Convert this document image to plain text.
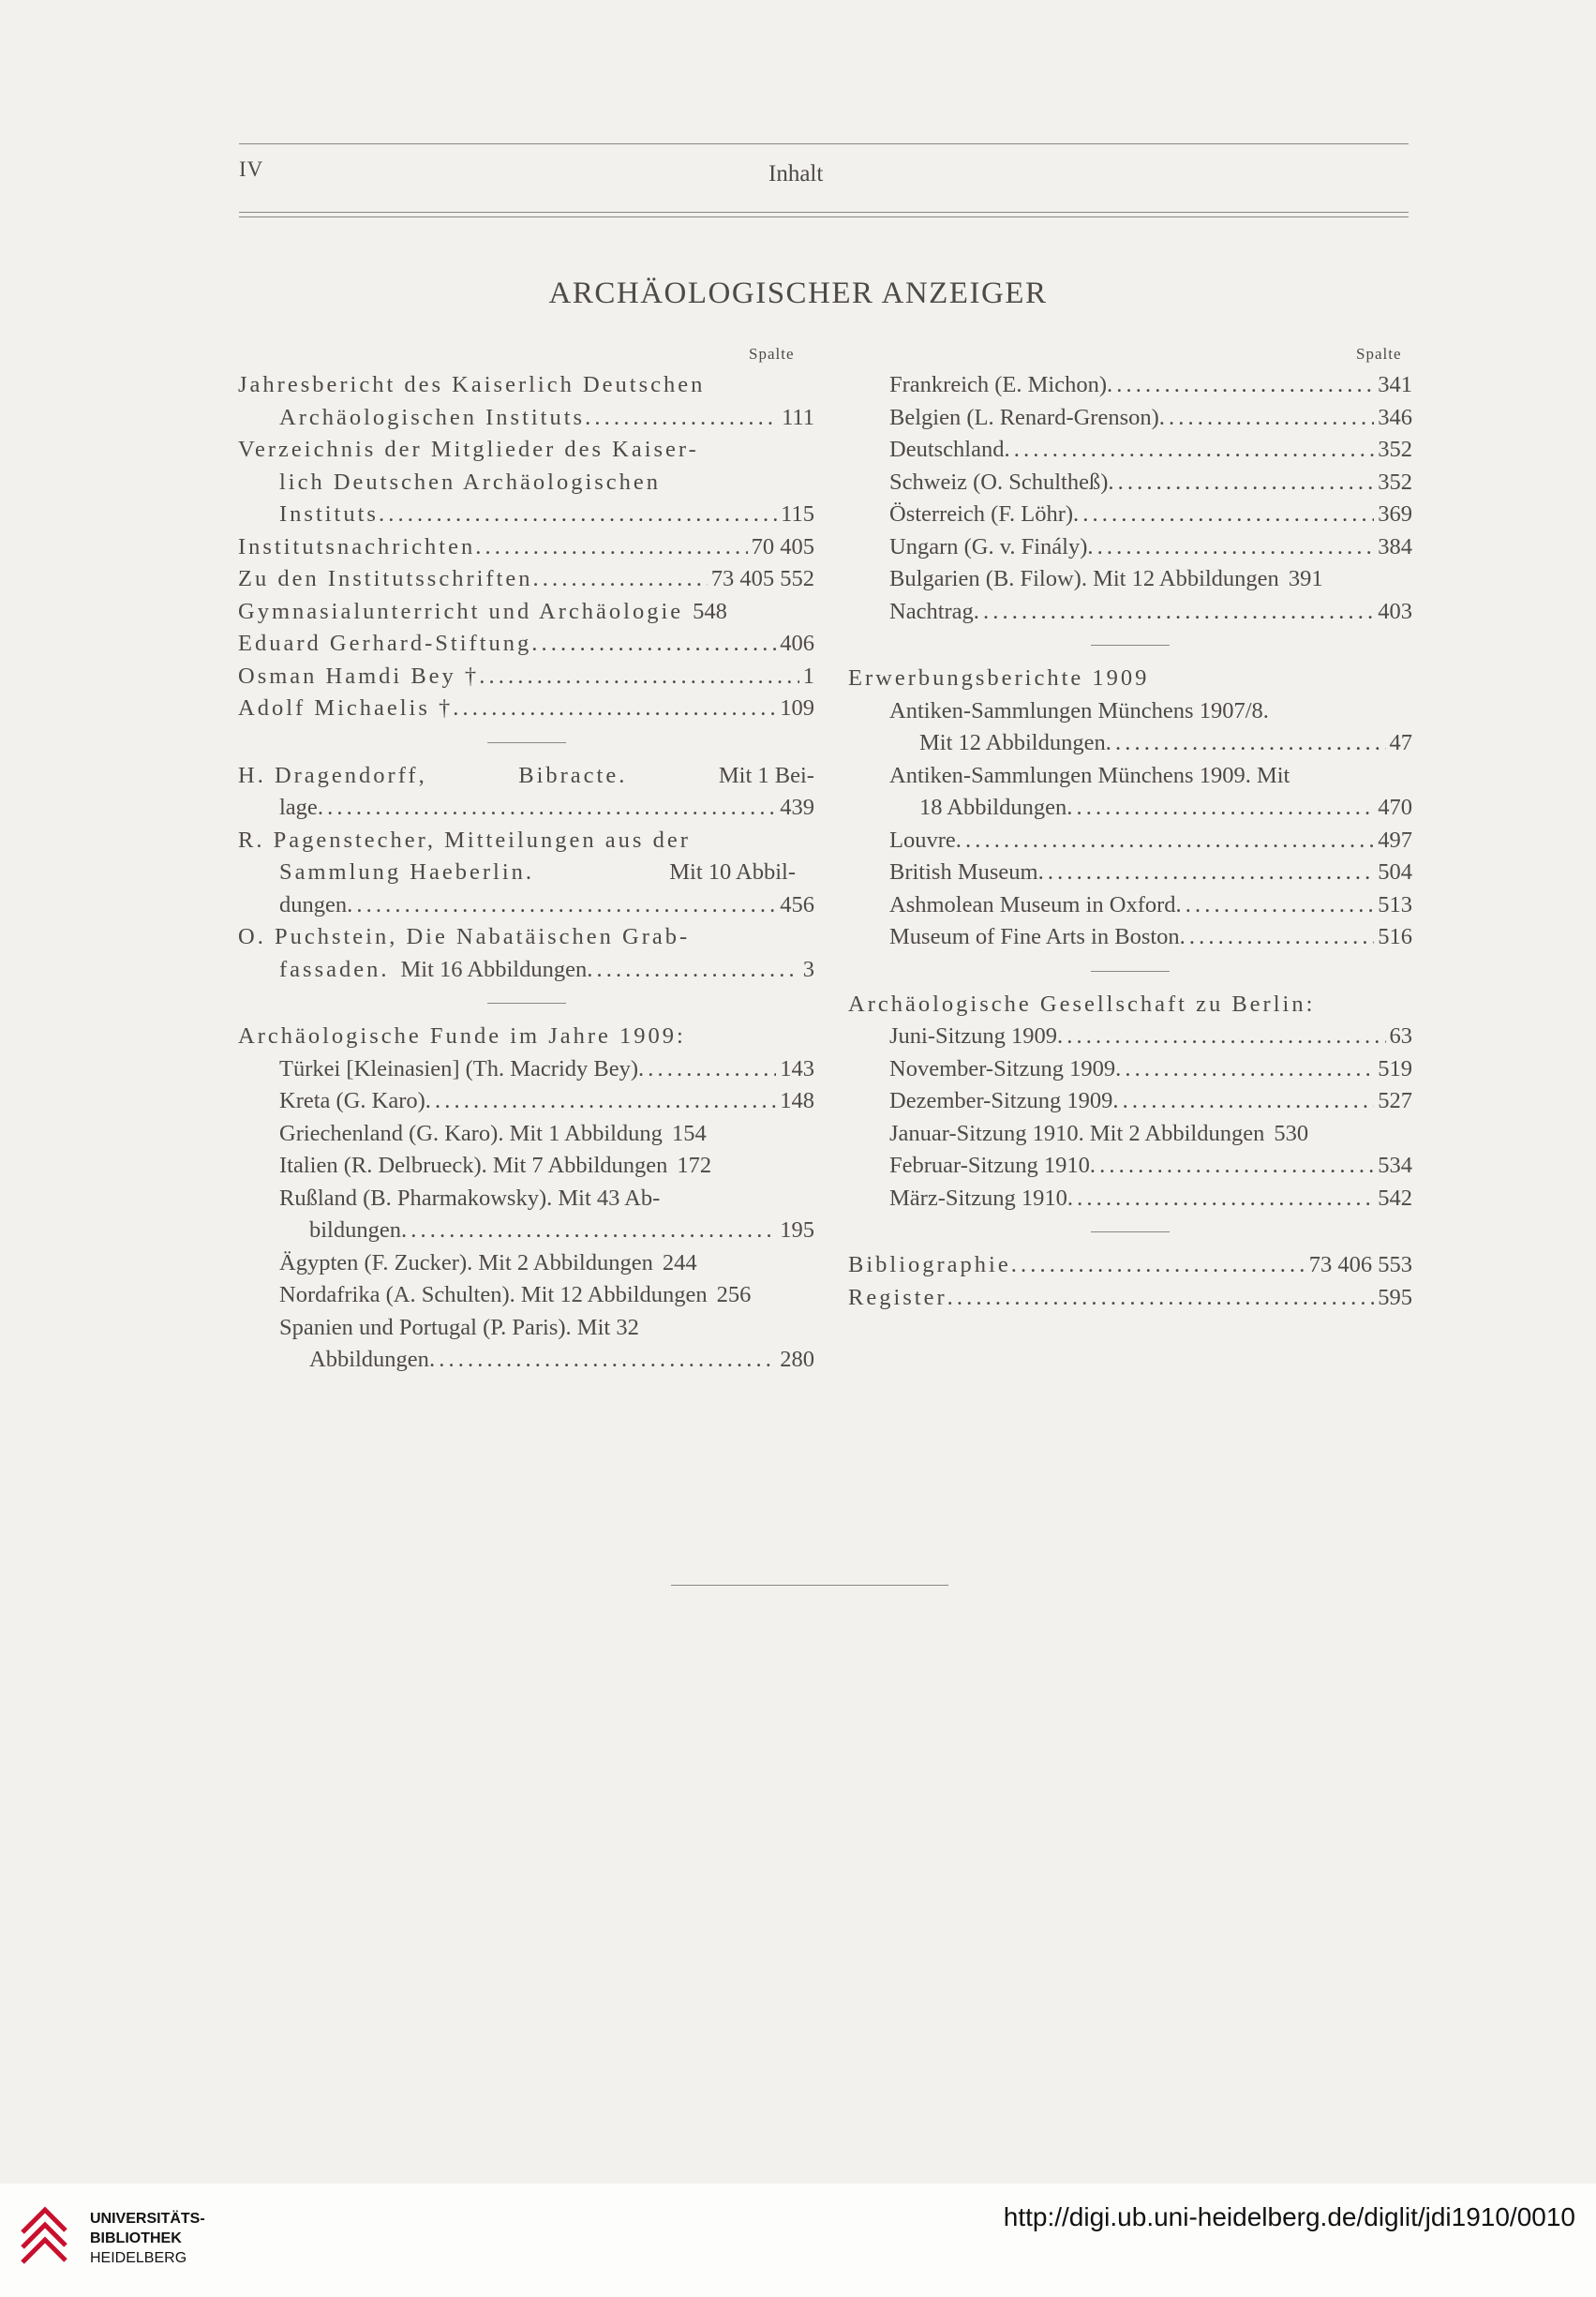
IV	Inhalt
ARCHÄOLOGISCHER ANZEIGER
Spalte	Spalte
Jahresbericht des Kaiserlich Deutschen
Archäologischen Instituts . . .	111
Verzeichnis der Mitglieder des Kaiser-
lich Deutschen Archäologischen
Instituts . . .	115
Institutsnachrichten . . .	70 405
Zu den Institutsschriften . . .	73 405 552
Gymnasialunterricht und Archäologie 548
Eduard Gerhard-Stiftung . . .	406
Osman Hamdi Bey † . . .	1
Adolf Michaelis † . . .	109
H. Dragendorff,	Bibracte.	Mit 1 Bei-
lage . . .	439
R. Pagenstecher, Mitteilungen aus der
Sammlung Haeberlin.	Mit 10 Abbil-
dungen . . .	456
O. Puchstein, Die Nabatäischen Grab-
fassaden. Mit 16 Abbildungen . . .	3
Archäologische Funde im Jahre 1909:
Türkei [Kleinasien] (Th. Macridy Bey) . . .	143
Kreta (G. Karo) . . .	148
Griechenland (G. Karo). Mit 1 Abbildung 154
Italien (R. Delbrueck). Mit 7 Abbildungen 172
Rußland (B. Pharmakowsky). Mit 43 Ab-
bildungen . . .	195
Ägypten (F. Zucker). Mit 2 Abbildungen 244
Nordafrika (A. Schulten). Mit 12 Abbildungen 256
Spanien und Portugal (P. Paris). Mit 32
Abbildungen . . .	280
Frankreich (E. Michon) . . .	341
Belgien (L. Renard-Grenson) . . .	346
Deutschland . . .	352
Schweiz (O. Schultheß) . . .	352
Österreich (F. Löhr) . . .	369
Ungarn (G. v. Finály) . . .	384
Bulgarien (B. Filow). Mit 12 Abbildungen 391
Nachtrag . . .	403
Erwerbungsberichte 1909
Antiken-Sammlungen Münchens 1907/8.
Mit 12 Abbildungen . . .	47
Antiken-Sammlungen Münchens 1909. Mit
18 Abbildungen . . .	470
Louvre . . .	497
British Museum . . .	504
Ashmolean Museum in Oxford . . .	513
Museum of Fine Arts in Boston . . .	516
Archäologische Gesellschaft zu Berlin:
Juni-Sitzung 1909 . . .	63
November-Sitzung 1909 . . .	519
Dezember-Sitzung 1909 . . .	527
Januar-Sitzung 1910. Mit 2 Abbildungen 530
Februar-Sitzung 1910 . . .	534
März-Sitzung 1910 . . .	542
Bibliographie . . .	73 406 553
Register . . .	595
UNIVERSITÄTS-
BIBLIOTHEK
HEIDELBERG
http://digi.ub.uni-heidelberg.de/diglit/jdi1910/0010
